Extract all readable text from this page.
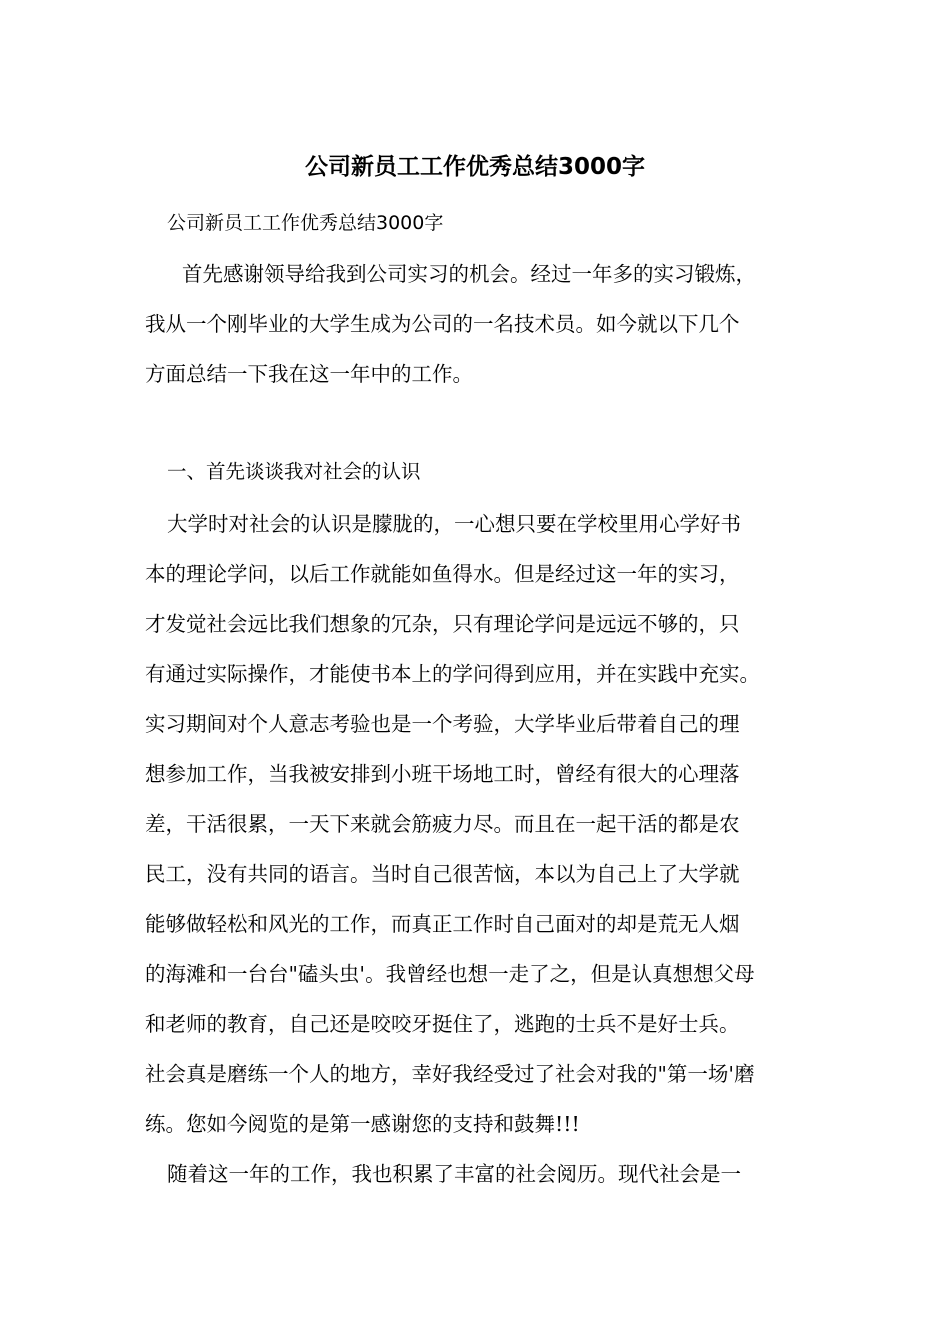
公司新员工工作优秀总结3000字
公司新员工工作优秀总结3000字
首先感谢领导给我到公司实习的机会。经过一年多的实习锻炼，
我从一个刚毕业的大学生成为公司的一名技术员。如今就以下几个
方面总结一下我在这一年中的工作。
一、首先谈谈我对社会的认识
大学时对社会的认识是朦胧的，一心想只要在学校里用心学好书
本的理论学问，以后工作就能如鱼得水。但是经过这一年的实习，
才发觉社会远比我们想象的冗杂，只有理论学问是远远不够的，只
有通过实际操作，才能使书本上的学问得到应用，并在实践中充实。
实习期间对个人意志考验也是一个考验，大学毕业后带着自己的理
想参加工作，当我被安排到小班干场地工时，曾经有很大的心理落
差，干活很累，一天下来就会筋疲力尽。而且在一起干活的都是农
民工，没有共同的语言。当时自己很苦恼，本以为自己上了大学就
能够做轻松和风光的工作，而真正工作时自己面对的却是荒无人烟
的海滩和一台台"磕头虫'。我曾经也想一走了之，但是认真想想父母
和老师的教育，自己还是咬咬牙挺住了，逃跑的士兵不是好士兵。
社会真是磨练一个人的地方，幸好我经受过了社会对我的"第一场'磨
练。您如今阅览的是第一感谢您的支持和鼓舞!!!
随着这一年的工作，我也积累了丰富的社会阅历。现代社会是一
